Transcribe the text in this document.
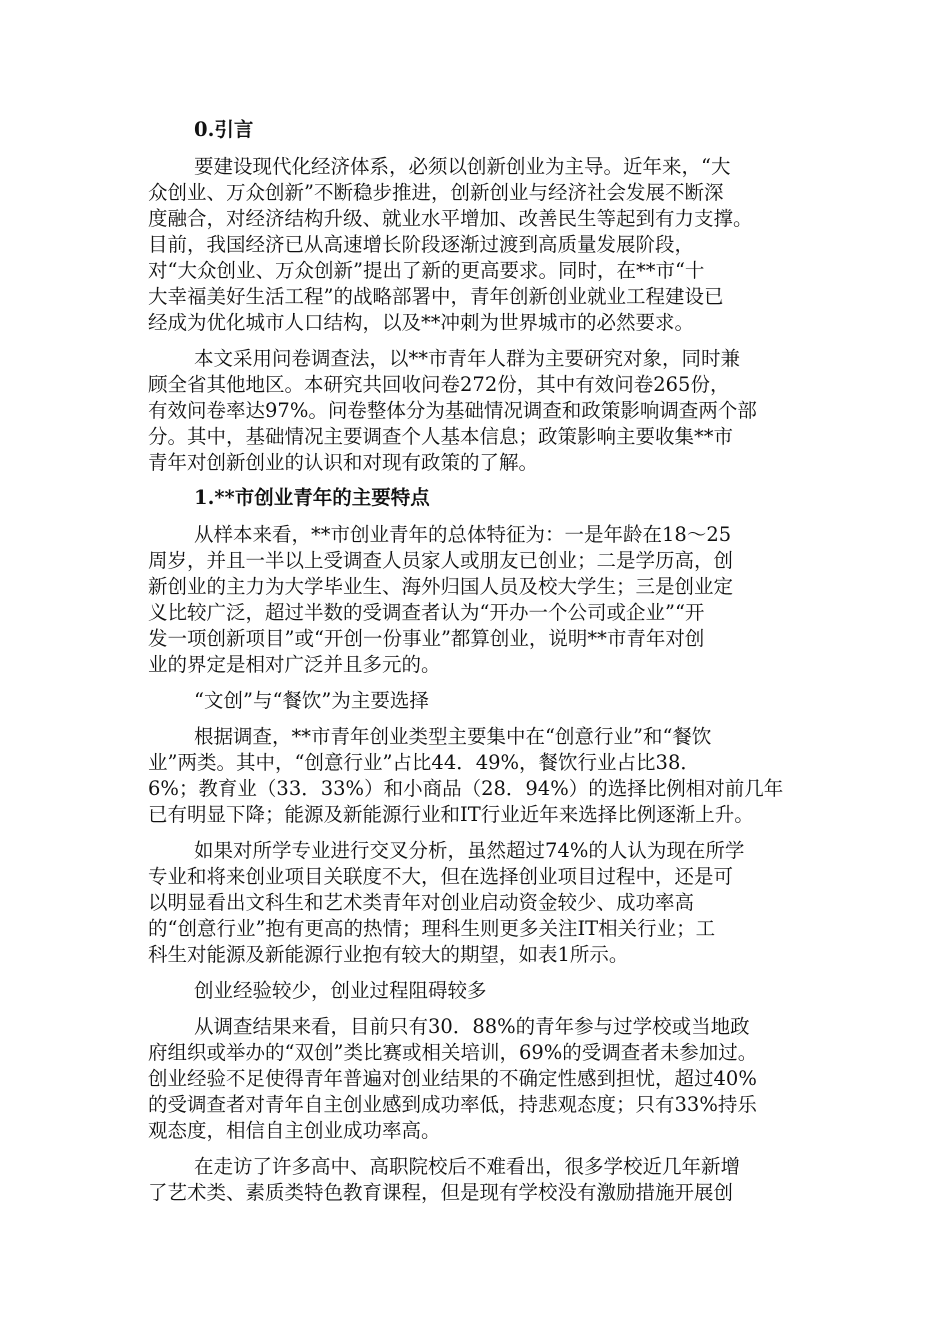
0.引言

要建设现代化经济体系，必须以创新创业为主导。近年来，“大

众创业、万众创新”不断稳步推进，创新创业与经济社会发展不断深

度融合，对经济结构升级、就业水平增加、改善民生等起到有力支撑。

目前，我国经济已从高速增长阶段逐渐过渡到高质量发展阶段，

对“大众创业、万众创新”提出了新的更高要求。同时，在**市“十

大幸福美好生活工程”的战略部署中，青年创新创业就业工程建设已

经成为优化城市人口结构，以及**冲刺为世界城市的必然要求。

本文采用问卷调查法，以**市青年人群为主要研究对象，同时兼

顾全省其他地区。本研究共回收问卷272份，其中有效问卷265份，

有效问卷率达97%。问卷整体分为基础情况调查和政策影响调查两个部

分。其中，基础情况主要调查个人基本信息；政策影响主要收集**市

青年对创新创业的认识和对现有政策的了解。

1.**市创业青年的主要特点

从样本来看，**市创业青年的总体特征为：一是年龄在18～25

周岁，并且一半以上受调查人员家人或朋友已创业；二是学历高，创

新创业的主力为大学毕业生、海外归国人员及校大学生；三是创业定

义比较广泛，超过半数的受调查者认为“开办一个公司或企业”“开

发一项创新项目”或“开创一份事业”都算创业，说明**市青年对创

业的界定是相对广泛并且多元的。

“文创”与“餐饮”为主要选择

根据调查，**市青年创业类型主要集中在“创意行业”和“餐饮

业”两类。其中，“创意行业”占比44．49%，餐饮行业占比38．

6%；教育业（33．33%）和小商品（28．94%）的选择比例相对前几年

已有明显下降；能源及新能源行业和IT行业近年来选择比例逐渐上升。

如果对所学专业进行交叉分析，虽然超过74%的人认为现在所学

专业和将来创业项目关联度不大，但在选择创业项目过程中，还是可

以明显看出文科生和艺术类青年对创业启动资金较少、成功率高

的“创意行业”抱有更高的热情；理科生则更多关注IT相关行业；工

科生对能源及新能源行业抱有较大的期望，如表1所示。

创业经验较少，创业过程阻碍较多

从调查结果来看，目前只有30．88%的青年参与过学校或当地政

府组织或举办的“双创”类比赛或相关培训，69%的受调查者未参加过。

创业经验不足使得青年普遍对创业结果的不确定性感到担忧，超过40%

的受调查者对青年自主创业感到成功率低，持悲观态度；只有33%持乐

观态度，相信自主创业成功率高。

在走访了许多高中、高职院校后不难看出，很多学校近几年新增

了艺术类、素质类特色教育课程，但是现有学校没有激励措施开展创
